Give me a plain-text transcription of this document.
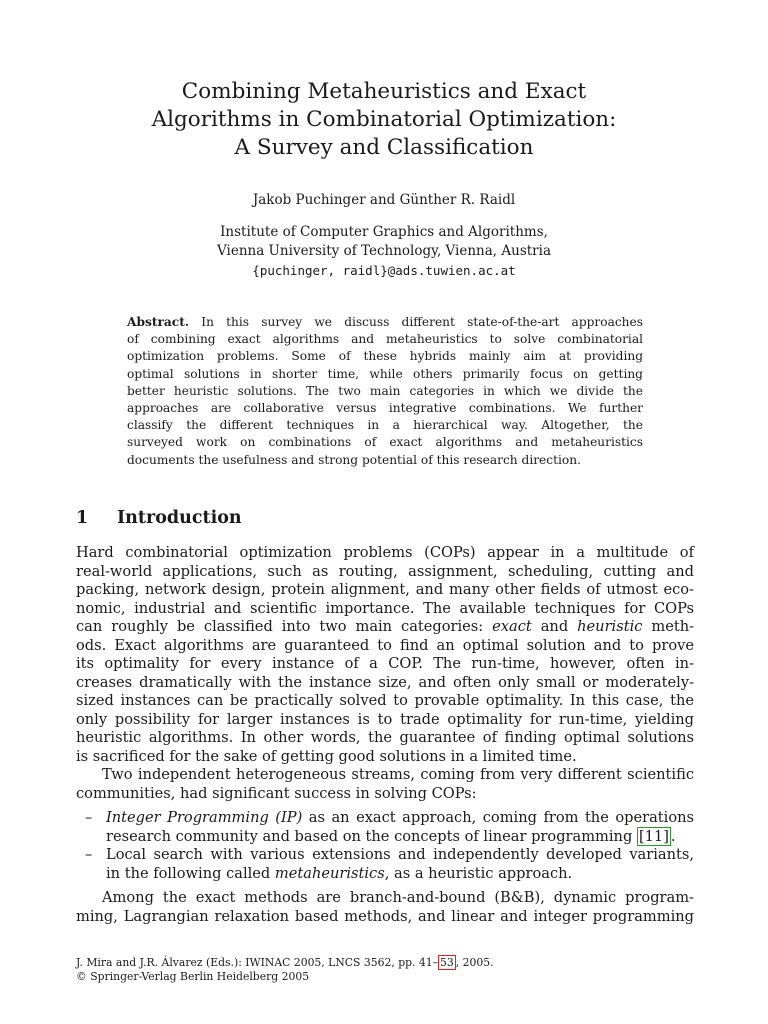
Combining Metaheuristics and Exact
Algorithms in Combinatorial Optimization:
A Survey and Classification
Jakob Puchinger and Günther R. Raidl
Institute of Computer Graphics and Algorithms,
Vienna University of Technology, Vienna, Austria
{puchinger, raidl}@ads.tuwien.ac.at
Abstract. In this survey we discuss different state-of-the-art approaches
of combining exact algorithms and metaheuristics to solve combinatorial
optimization problems. Some of these hybrids mainly aim at providing
optimal solutions in shorter time, while others primarily focus on getting
better heuristic solutions. The two main categories in which we divide the
approaches are collaborative versus integrative combinations. We further
classify the different techniques in a hierarchical way. Altogether, the
surveyed work on combinations of exact algorithms and metaheuristics
documents the usefulness and strong potential of this research direction.
1 Introduction
Hard combinatorial optimization problems (COPs) appear in a multitude of
real-world applications, such as routing, assignment, scheduling, cutting and
packing, network design, protein alignment, and many other fields of utmost eco-
nomic, industrial and scientific importance. The available techniques for COPs
can roughly be classified into two main categories: exact and heuristic meth-
ods. Exact algorithms are guaranteed to find an optimal solution and to prove
its optimality for every instance of a COP. The run-time, however, often in-
creases dramatically with the instance size, and often only small or moderately-
sized instances can be practically solved to provable optimality. In this case, the
only possibility for larger instances is to trade optimality for run-time, yielding
heuristic algorithms. In other words, the guarantee of finding optimal solutions
is sacrificed for the sake of getting good solutions in a limited time.
Two independent heterogeneous streams, coming from very different scientific
communities, had significant success in solving COPs:
– Integer Programming (IP) as an exact approach, coming from the operations
research community and based on the concepts of linear programming [11] .
– Local search with various extensions and independently developed variants,
in the following called metaheuristics, as a heuristic approach.
Among the exact methods are branch-and-bound (B&B), dynamic program-
ming, Lagrangian relaxation based methods, and linear and integer programming
J. Mira and J.R. Álvarez (Eds.): IWINAC 2005, LNCS 3562, pp. 41– 53 , 2005.
© Springer-Verlag Berlin Heidelberg 2005
